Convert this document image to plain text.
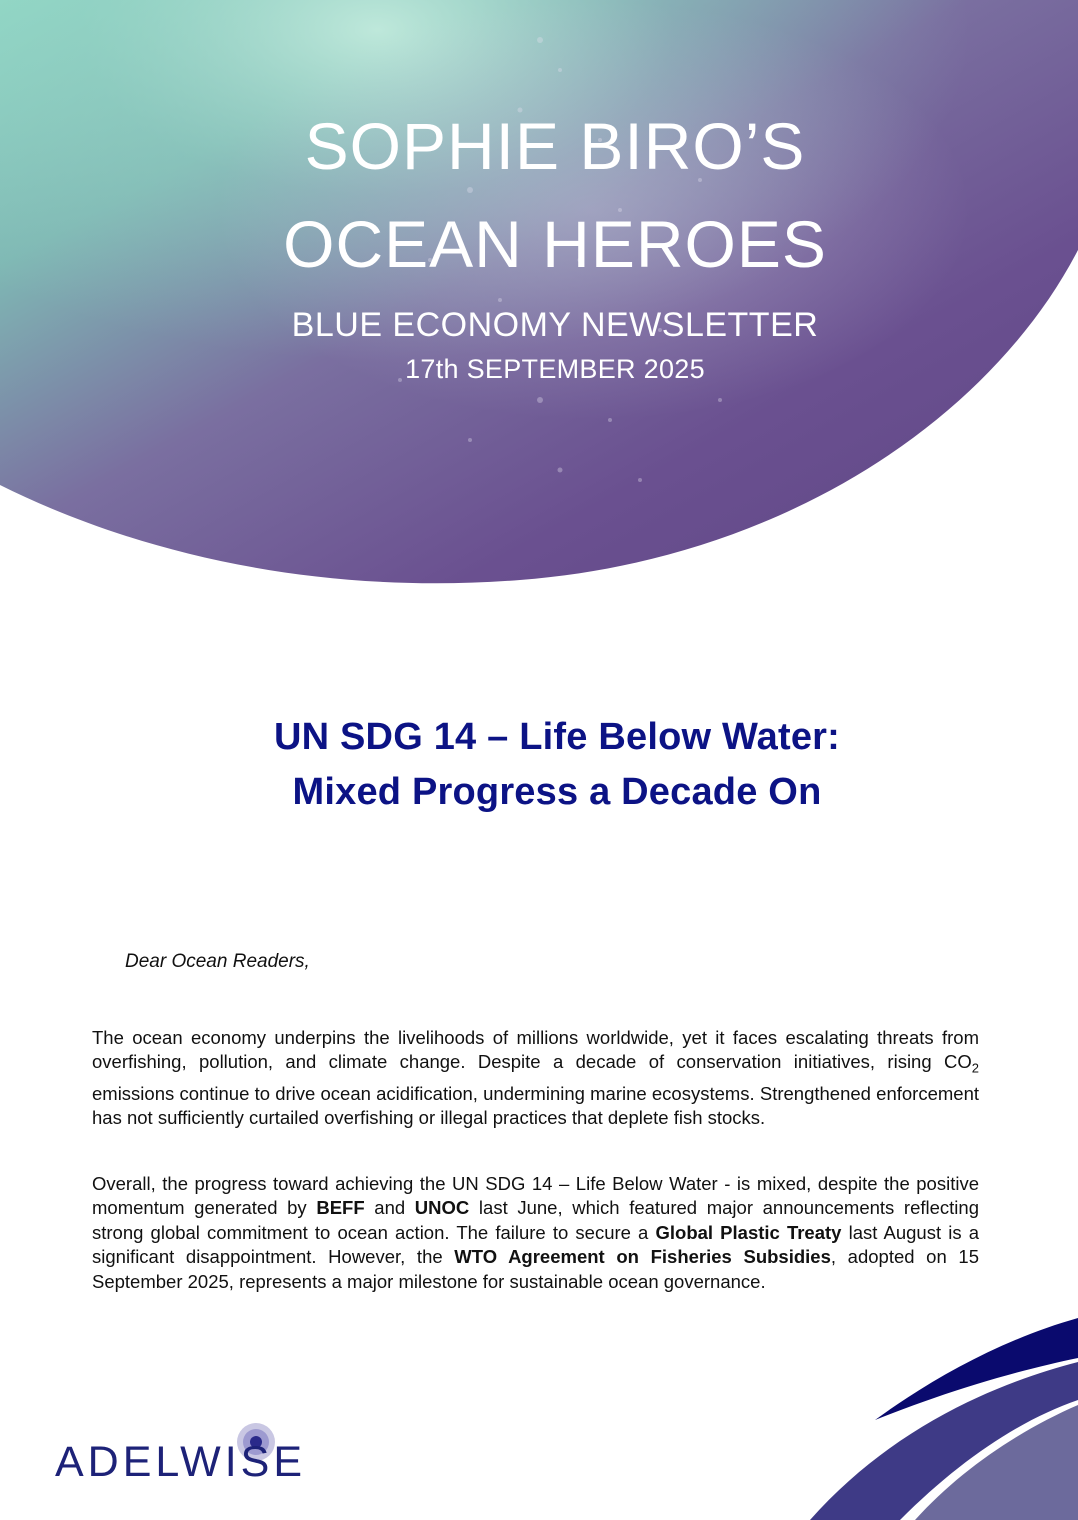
SOPHIE BIRO’S
OCEAN HEROES
BLUE ECONOMY NEWSLETTER
17th SEPTEMBER 2025
UN SDG 14 – Life Below Water:
Mixed Progress a Decade On
Dear Ocean Readers,

The ocean economy underpins the livelihoods of millions worldwide, yet it faces escalating threats from overfishing, pollution, and climate change. Despite a decade of conservation initiatives, rising $CO_2$ emissions continue to drive ocean acidification, undermining marine ecosystems. Strengthened enforcement has not sufficiently curtailed overfishing or illegal practices that deplete fish stocks.

Overall, the progress toward achieving the UN SDG 14 – Life Below Water - is mixed, despite the positive momentum generated by BEFF and UNOC last June, which featured major announcements reflecting strong global commitment to ocean action. The failure to secure a Global Plastic Treaty last August is a significant disappointment. However, the WTO Agreement on Fisheries Subsidies, adopted on 15 September 2025, represents a major milestone for sustainable ocean governance.

ADELWISE
